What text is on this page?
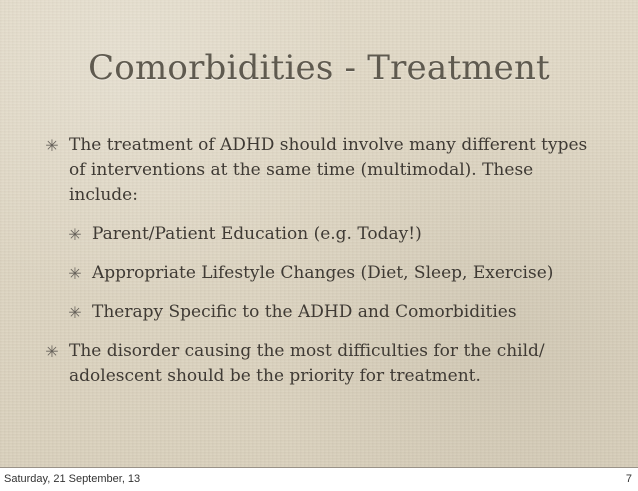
Comorbidities - Treatment
✳ The treatment of ADHD should involve many different types of interventions at the same time (multimodal). These include:
✳ Parent/Patient Education (e.g. Today!)
✳ Appropriate Lifestyle Changes (Diet, Sleep, Exercise)
✳ Therapy Specific to the ADHD and Comorbidities
✳ The disorder causing the most difficulties for the child/ adolescent should be the priority for treatment.
Saturday, 21 September, 13	7
